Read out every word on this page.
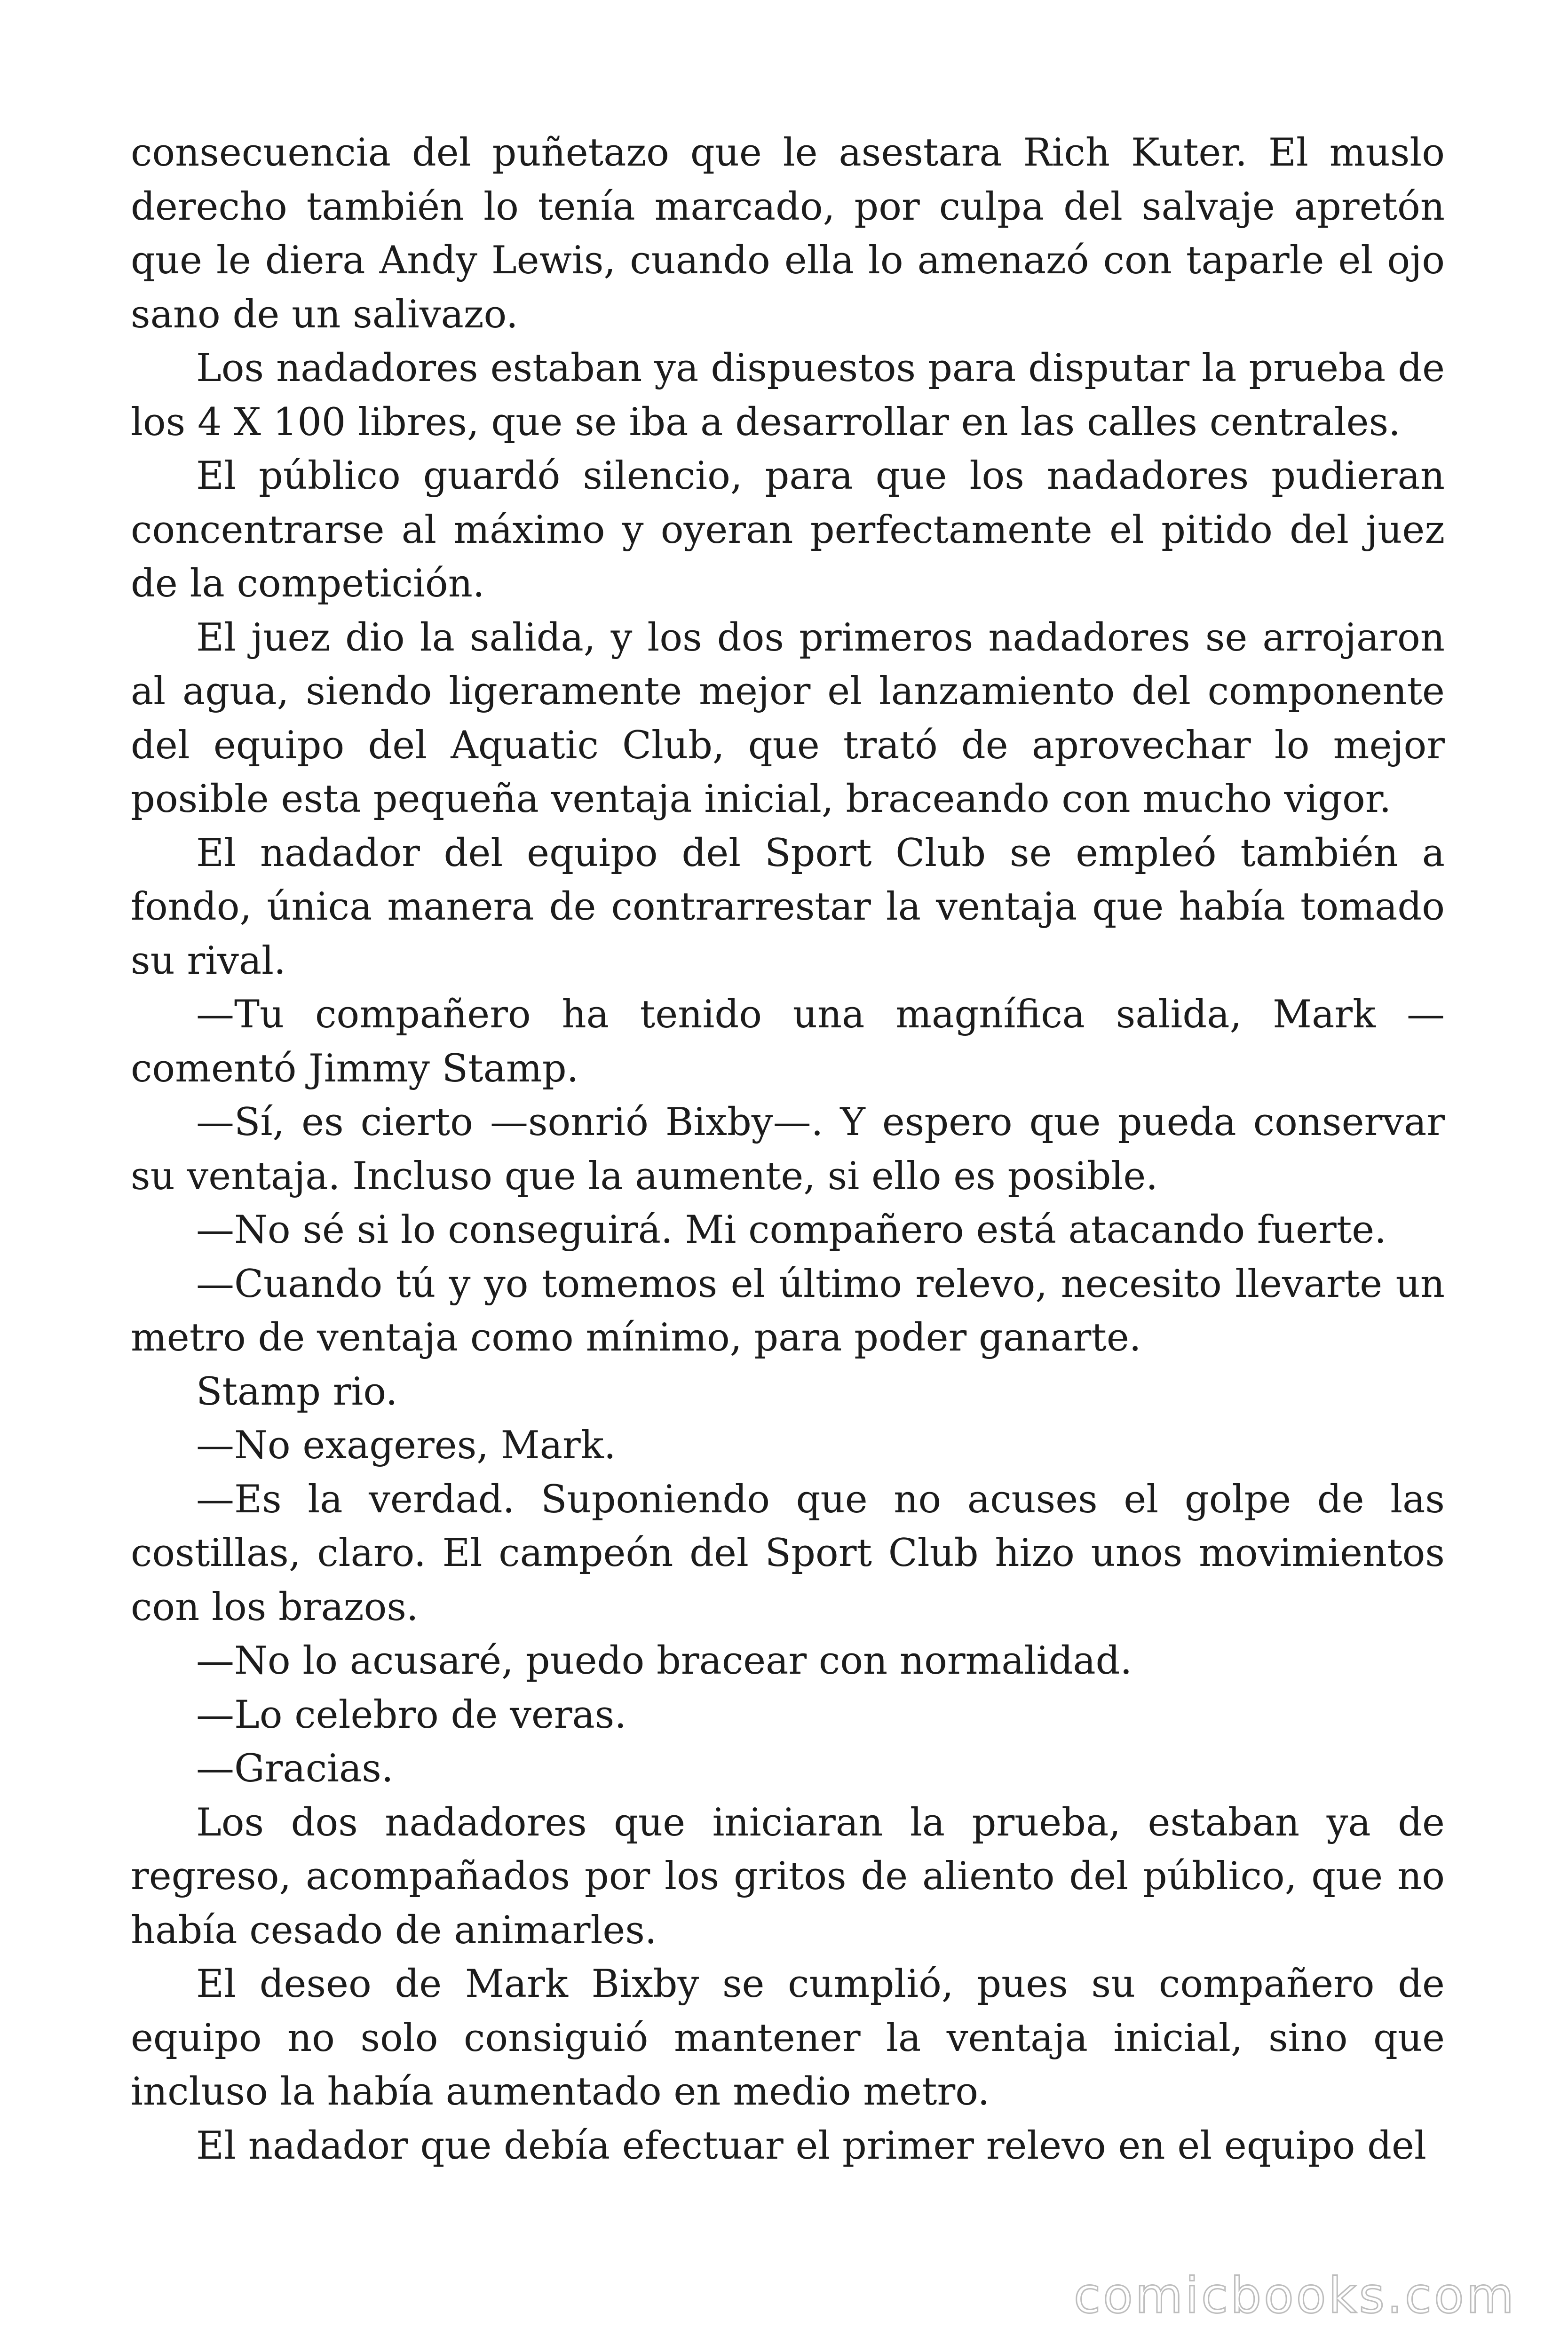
consecuencia del puñetazo que le asestara Rich Kuter. El muslo derecho también lo tenía marcado, por culpa del salvaje apretón que le diera Andy Lewis, cuando ella lo amenazó con taparle el ojo sano de un salivazo.

Los nadadores estaban ya dispuestos para disputar la prueba de los 4 X 100 libres, que se iba a desarrollar en las calles centrales.

El público guardó silencio, para que los nadadores pudieran concentrarse al máximo y oyeran perfectamente el pitido del juez de la competición.

El juez dio la salida, y los dos primeros nadadores se arrojaron al agua, siendo ligeramente mejor el lanzamiento del componente del equipo del Aquatic Club, que trató de aprovechar lo mejor posible esta pequeña ventaja inicial, braceando con mucho vigor.

El nadador del equipo del Sport Club se empleó también a fondo, única manera de contrarrestar la ventaja que había tomado su rival.

—Tu compañero ha tenido una magnífica salida, Mark — comentó Jimmy Stamp.

—Sí, es cierto —sonrió Bixby—. Y espero que pueda conservar su ventaja. Incluso que la aumente, si ello es posible.

—No sé si lo conseguirá. Mi compañero está atacando fuerte.

—Cuando tú y yo tomemos el último relevo, necesito llevarte un metro de ventaja como mínimo, para poder ganarte.

Stamp rio.

—No exageres, Mark.

—Es la verdad. Suponiendo que no acuses el golpe de las costillas, claro. El campeón del Sport Club hizo unos movimientos con los brazos.

—No lo acusaré, puedo bracear con normalidad.

—Lo celebro de veras.

—Gracias.

Los dos nadadores que iniciaran la prueba, estaban ya de regreso, acompañados por los gritos de aliento del público, que no había cesado de animarles.

El deseo de Mark Bixby se cumplió, pues su compañero de equipo no solo consiguió mantener la ventaja inicial, sino que incluso la había aumentado en medio metro.

El nadador que debía efectuar el primer relevo en el equipo del

comicbooks.com
